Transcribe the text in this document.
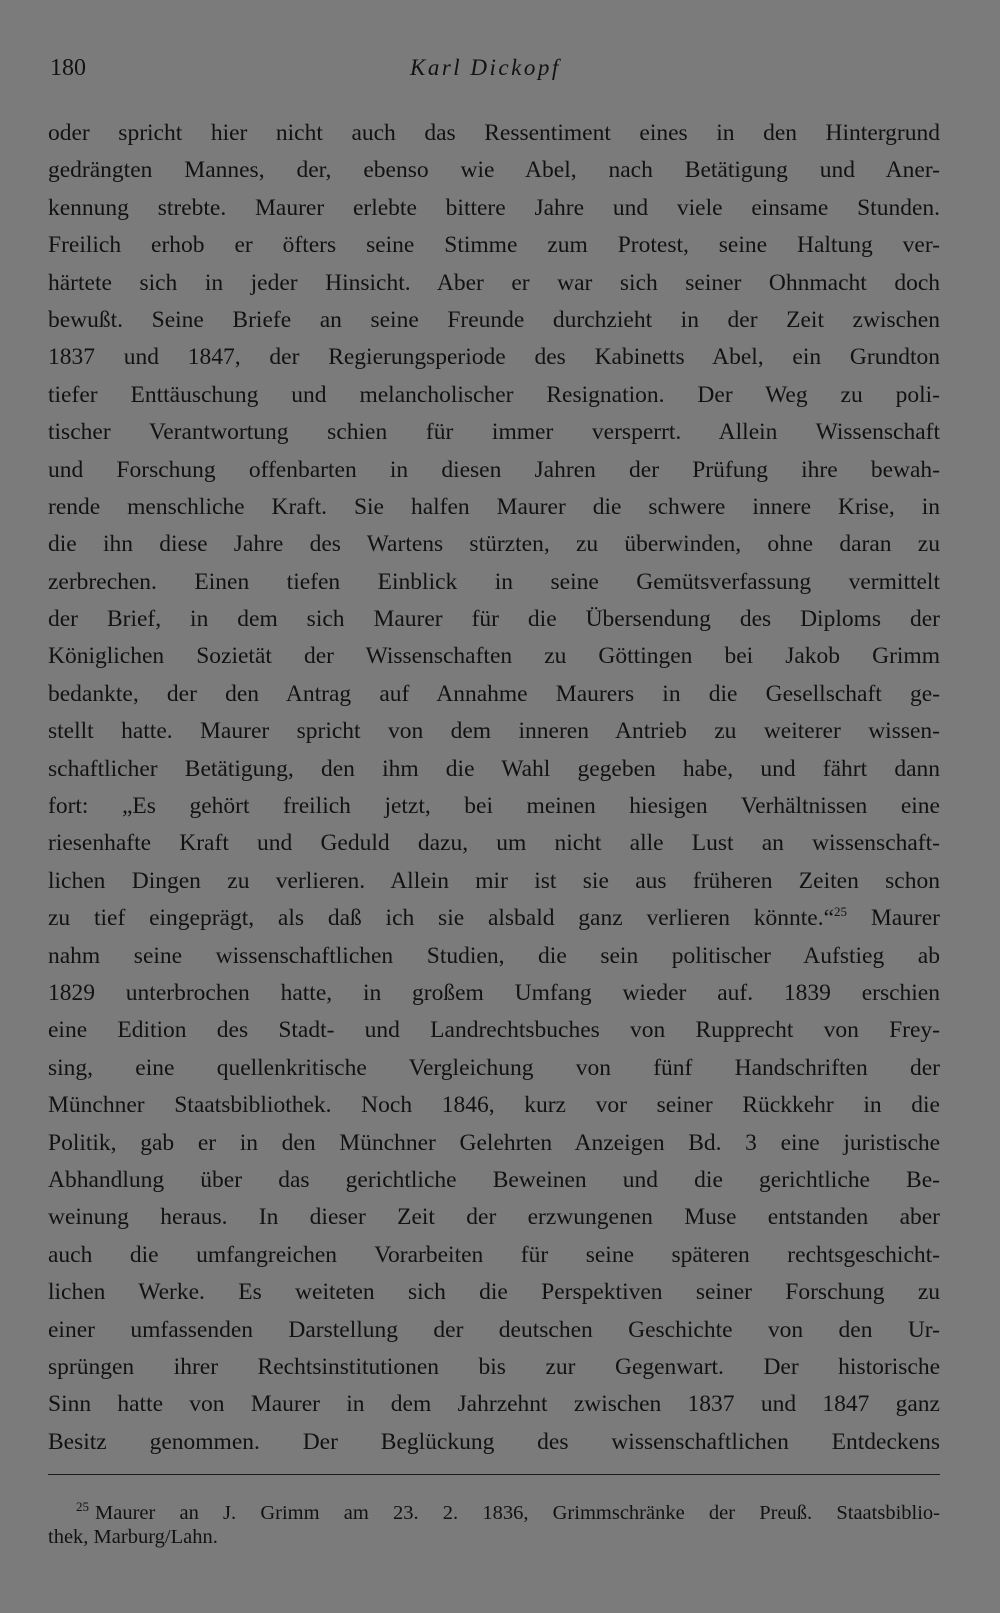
180	Karl Dickopf
oder spricht hier nicht auch das Ressentiment eines in den Hintergrund
gedrängten Mannes, der, ebenso wie Abel, nach Betätigung und Aner-
kennung strebte. Maurer erlebte bittere Jahre und viele einsame Stunden.
Freilich erhob er öfters seine Stimme zum Protest, seine Haltung ver-
härtete sich in jeder Hinsicht. Aber er war sich seiner Ohnmacht doch
bewußt. Seine Briefe an seine Freunde durchzieht in der Zeit zwischen
1837 und 1847, der Regierungsperiode des Kabinetts Abel, ein Grundton
tiefer Enttäuschung und melancholischer Resignation. Der Weg zu poli-
tischer Verantwortung schien für immer versperrt. Allein Wissenschaft
und Forschung offenbarten in diesen Jahren der Prüfung ihre bewah-
rende menschliche Kraft. Sie halfen Maurer die schwere innere Krise, in
die ihn diese Jahre des Wartens stürzten, zu überwinden, ohne daran zu
zerbrechen. Einen tiefen Einblick in seine Gemütsverfassung vermittelt
der Brief, in dem sich Maurer für die Übersendung des Diploms der
Königlichen Sozietät der Wissenschaften zu Göttingen bei Jakob Grimm
bedankte, der den Antrag auf Annahme Maurers in die Gesellschaft ge-
stellt hatte. Maurer spricht von dem inneren Antrieb zu weiterer wissen-
schaftlicher Betätigung, den ihm die Wahl gegeben habe, und fährt dann
fort: „Es gehört freilich jetzt, bei meinen hiesigen Verhältnissen eine
riesenhafte Kraft und Geduld dazu, um nicht alle Lust an wissenschaft-
lichen Dingen zu verlieren. Allein mir ist sie aus früheren Zeiten schon
zu tief eingeprägt, als daß ich sie alsbald ganz verlieren könnte.“$^{25}$ Maurer
nahm seine wissenschaftlichen Studien, die sein politischer Aufstieg ab
1829 unterbrochen hatte, in großem Umfang wieder auf. 1839 erschien
eine Edition des Stadt- und Landrechtsbuches von Rupprecht von Frey-
sing, eine quellenkritische Vergleichung von fünf Handschriften der
Münchner Staatsbibliothek. Noch 1846, kurz vor seiner Rückkehr in die
Politik, gab er in den Münchner Gelehrten Anzeigen Bd. 3 eine juristische
Abhandlung über das gerichtliche Beweinen und die gerichtliche Be-
weinung heraus. In dieser Zeit der erzwungenen Muse entstanden aber
auch die umfangreichen Vorarbeiten für seine späteren rechtsgeschicht-
lichen Werke. Es weiteten sich die Perspektiven seiner Forschung zu
einer umfassenden Darstellung der deutschen Geschichte von den Ur-
sprüngen ihrer Rechtsinstitutionen bis zur Gegenwart. Der historische
Sinn hatte von Maurer in dem Jahrzehnt zwischen 1837 und 1847 ganz
Besitz genommen. Der Beglückung des wissenschaftlichen Entdeckens
$^{25}$ Maurer an J. Grimm am 23. 2. 1836, Grimmschränke der Preuß. Staatsbiblio-
thek, Marburg/Lahn.
